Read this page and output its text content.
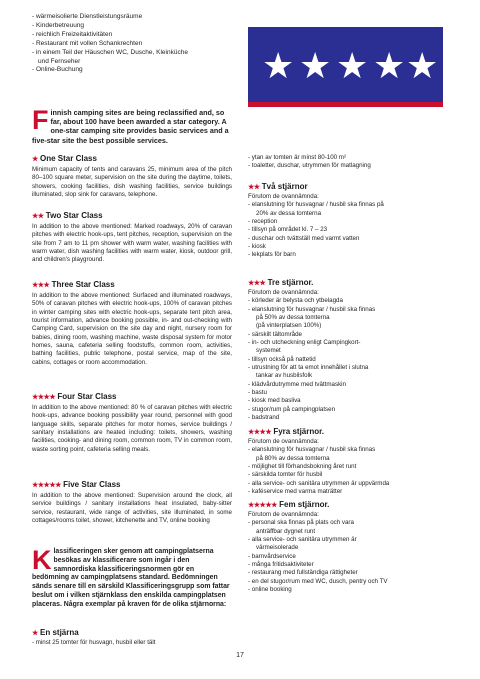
- wärmeisolierte Dienstleistungsräume
- Kinderbetreuung
- reichlich Freizeitaktivitäten
- Restaurant mit vollen Schankrechten
- in einem Teil der Häuschen WC, Dusche, Kleinküche
und Fernseher
- Online-Buchung	★ ★ ★ ★ ★
Finnish camping sites are being reclassified and, so far, about 100 have been awarded a star category. A one-star camping site provides basic services and a five-star site the best possible services.
★ One Star Class

Minimum capacity of tents and caravans 25, minimum area of the pitch 80–100 square meter, supervision on the site during the daytime, toilets, showers, cooking facilities, dish washing facilities, service buildings illuminated, slop sink for caravans, telephone.

★★ Two Star Class

In addition to the above mentioned: Marked roadways, 20% of caravan pitches with electric hook-ups, tent pitches, reception, supervision on the site from 7 am to 11 pm shower with warm water, washing facilities with warm water, dish washing facilities with warm water, kiosk, outdoor grill, and children's playground.

★★★ Three Star Class

In addition to the above mentioned: Surfaced and illuminated roadways, 50% of caravan pitches with electric hook-ups, 100% of caravan pitches in winter camping sites with electric hook-ups, separate tent pitch area, tourist information, advance booking possible, in- and out-checking with Camping Card, supervision on the site day and night, nursery room for babies, dining room, washing machine, waste disposal system for motor homes, sauna, cafeteria selling foodstuffs, common room, activities, bathing facilities, public telephone, postal service, map of the site, cabins, cottages or room accommodation.

★★★★ Four Star Class

In addition to the above mentioned: 80 % of caravan pitches with electric hook-ups, advance booking possibility year round, personnel with good language skills, separate pitches for motor homes, service buildings / sanitary installations are heated including: toilets, showers, washing facilities, cooking- and dining room, common room, TV in common room, waste sorting point, cafeteria selling meals.

★★★★★ Five Star Class

In addition to the above mentioned: Supervision around the clock, all service buildings / sanitary installations heat insulated, baby-sitter service, restaurant, wide range of activities, site illuminated, in some cottages/rooms toilet, shower, kitchenette and TV, online booking

Klassificeringen sker genom att campingplatserna besökas av klassificerare som ingår i den samnordiska klassificeringsnormen gör en bedömning av campingplatsens standard. Bedömningen sänds senare till en särskild Klassificeringsgrupp som fattar beslut om i vilken stjärnklass den enskilda campingplatsen placeras. Några exemplar på kraven för de olika stjärnorna:
★ En stjärna
- minst 25 tomter för husvagn, husbil eller tält
- ytan av tomten är minst 80-100 m²
- toaletter, duschar, utrymmen för matlagning
★★ Två stjärnor
Förutom de ovannämnda:
- elanslutning för husvagnar / husbil ska finnas på
20% av dessa tomterna
- reception
- tillsyn på området kl. 7 – 23
- duschar och tvättställ med varmt vatten
- kiosk
- lekplats för barn
★★★ Tre stjärnor.
Förutom de ovannämnda:
- körleder är belysta och ytbelagda
- elanslutning för husvagnar / husbil ska finnas
på 50% av dessa tomterna
(på vinterplatsen 100%)
- särskilt tältområde
- in- och utcheckning enligt Campingkort-
systemet
- tillsyn också på nattetid
- utrustning för att ta emot innehållet i slutna
tankar av husbilsfolk
- klädvårdutrymme med tvättmaskin
- bastu
- kiosk med basliva
- stugor/rum på campingplatsen
- badstrand
★★★★ Fyra stjärnor.
Förutom de ovannämnda:
- elanslutning för husvagnar / husbil ska finnas
på 80% av dessa tomterna
- möjlighet till förhandsbokning året runt
- särskilda tomter för husbil
- alla service- och sanitära utrymmen är uppvärmda
- kaféservice med varma maträtter
★★★★★ Fem stjärnor.
Förutom de ovannämnda:
- personal ska finnas på plats och vara
anträffbar dygnet runt
- alla service- och sanitära utrymmen är
värmeisolerade
- barnvårdservice
- många fritidsaktiviteter
- restaurang med fullständiga rättigheter
- en del stugor/rum med WC, dusch, pentry och TV
- online booking
17
